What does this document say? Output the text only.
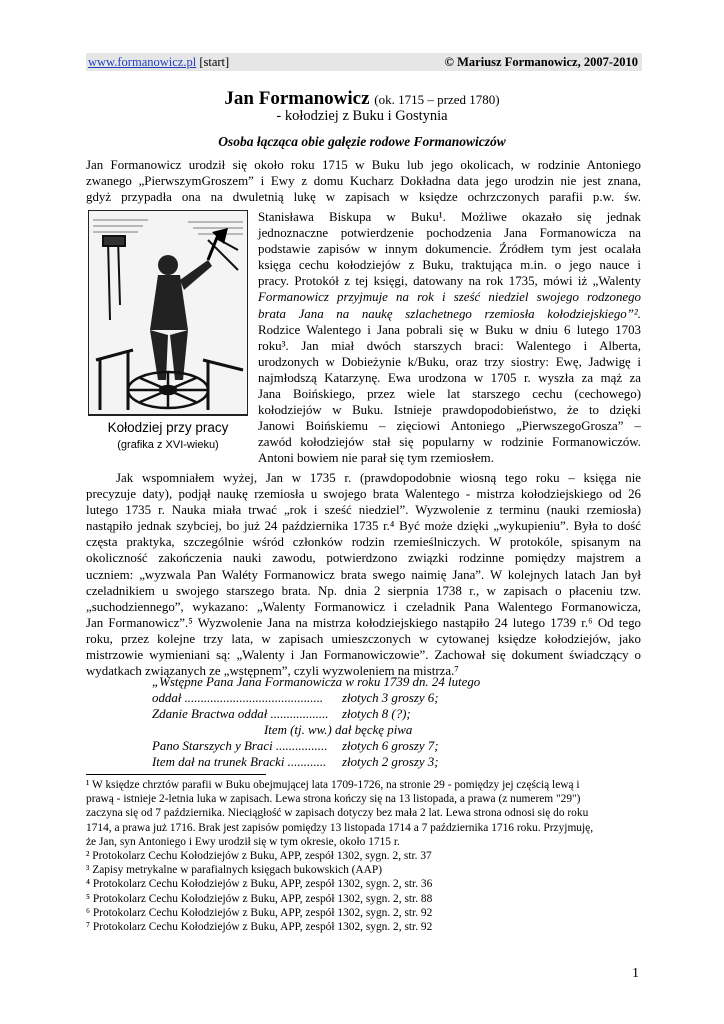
www.formanowicz.pl [start]	© Mariusz Formanowicz, 2007-2010
Jan Formanowicz (ok. 1715 – przed 1780)
- kołodziej z Buku i Gostynia
Osoba łącząca obie gałęzie rodowe Formanowiczów
Jan Formanowicz urodził się około roku 1715 w Buku lub jego okolicach, w rodzinie Antoniego
zwanego „PierwszymGroszem” i Ewy z domu Kucharz Dokładna data jego urodzin nie jest znana,
gdyż przypadła ona na dwuletnią lukę w zapisach w księdze ochrzczonych parafii p.w. św.
Kołodziej przy pracy
(grafika z XVI-wieku)
Stanisława Biskupa w Buku¹. Możliwe okazało się jednak
jednoznaczne potwierdzenie pochodzenia Jana Formanowicza na
podstawie zapisów w innym dokumencie. Źródłem tym jest ocalała
księga cechu kołodziejów z Buku, traktująca m.in. o jego nauce i
pracy. Protokół z tej księgi, datowany na rok 1735, mówi iż „Walenty
Formanowicz przyjmuje na rok i sześć niedziel swojego rodzonego
brata Jana na naukę szlachetnego rzemiosła kołodziejskiego”².
Rodzice Walentego i Jana pobrali się w Buku w dniu 6 lutego 1703
roku³. Jan miał dwóch starszych braci: Walentego i Alberta,
urodzonych w Dobieżynie k/Buku, oraz trzy siostry: Ewę, Jadwigę i
najmłodszą Katarzynę. Ewa urodzona w 1705 r. wyszła za mąż za
Jana Boińskiego, przez wiele lat starszego cechu (cechowego)
kołodziejów w Buku. Istnieje prawdopodobieństwo, że to dzięki
Janowi Boińskiemu – zięciowi Antoniego „PierwszegoGrosza” –
zawód kołodziejów stał się popularny w rodzinie Formanowiczów.
Antoni bowiem nie parał się tym rzemiosłem.
Jak wspomniałem wyżej, Jan w 1735 r. (prawdopodobnie wiosną tego roku – księga nie
precyzuje daty), podjął naukę rzemiosła u swojego brata Walentego - mistrza kołodziejskiego od 26
lutego 1735 r. Nauka miała trwać „rok i sześć niedziel”. Wyzwolenie z terminu (nauki rzemiosła)
nastąpiło jednak szybciej, bo już 24 października 1735 r.⁴ Być może dzięki „wykupieniu”. Była to dość
częsta praktyka, szczególnie wśród członków rodzin rzemieślniczych. W protokóle, spisanym na
okoliczność zakończenia nauki zawodu, potwierdzono związki rodzinne pomiędzy majstrem a
uczniem: „wyzwala Pan Waléty Formanowicz brata swego naimię Jana”. W kolejnych latach Jan był
czeladnikiem u swojego starszego brata. Np. dnia 2 sierpnia 1738 r., w zapisach o płaceniu tzw.
„suchodziennego”, wykazano: „Walenty Formanowicz i czeladnik Pana Walentego Formanowicza,
Jan Formanowicz”.⁵ Wyzwolenie Jana na mistrza kołodziejskiego nastąpiło 24 lutego 1739 r.⁶ Od tego
roku, przez kolejne trzy lata, w zapisach umieszczonych w cytowanej księdze kołodziejów, jako
mistrzowie wymieniani są: „Walenty i Jan Formanowiczowie”. Zachował się dokument świadczący o
wydatkach związanych ze „wstępnem”, czyli wyzwoleniem na mistrza.⁷
„Wstępne Pana Jana Formanowicza w roku 1739 dn. 24 lutego
oddał ........................................... złotych 3 groszy 6;
Zdanie Bractwa oddał .................. złotych 8 (?);
Item (tj. ww.) dał bęckę piwa
Pano Starszych y Braci ................ złotych 6 groszy 7;
Item dał na trunek Bracki ............ złotych 2 groszy 3;
¹ W księdze chrztów parafii w Buku obejmującej lata 1709-1726, na stronie 29 - pomiędzy jej częścią lewą i
prawą - istnieje 2-letnia luka w zapisach. Lewa strona kończy się na 13 listopada, a prawa (z numerem "29")
zaczyna się od 7 października. Nieciągłość w zapisach dotyczy bez mała 2 lat. Lewa strona odnosi się do roku
1714, a prawa już 1716. Brak jest zapisów pomiędzy 13 listopada 1714 a 7 października 1716 roku. Przyjmuję,
że Jan, syn Antoniego i Ewy urodził się w tym okresie, około 1715 r.
² Protokolarz Cechu Kołodziejów z Buku, APP, zespół 1302, sygn. 2, str. 37
³ Zapisy metrykalne w parafialnych księgach bukowskich (AAP)
⁴ Protokolarz Cechu Kołodziejów z Buku, APP, zespół 1302, sygn. 2, str. 36
⁵ Protokolarz Cechu Kołodziejów z Buku, APP, zespół 1302, sygn. 2, str. 88
⁶ Protokolarz Cechu Kołodziejów z Buku, APP, zespół 1302, sygn. 2, str. 92
⁷ Protokolarz Cechu Kołodziejów z Buku, APP, zespół 1302, sygn. 2, str. 92
1
